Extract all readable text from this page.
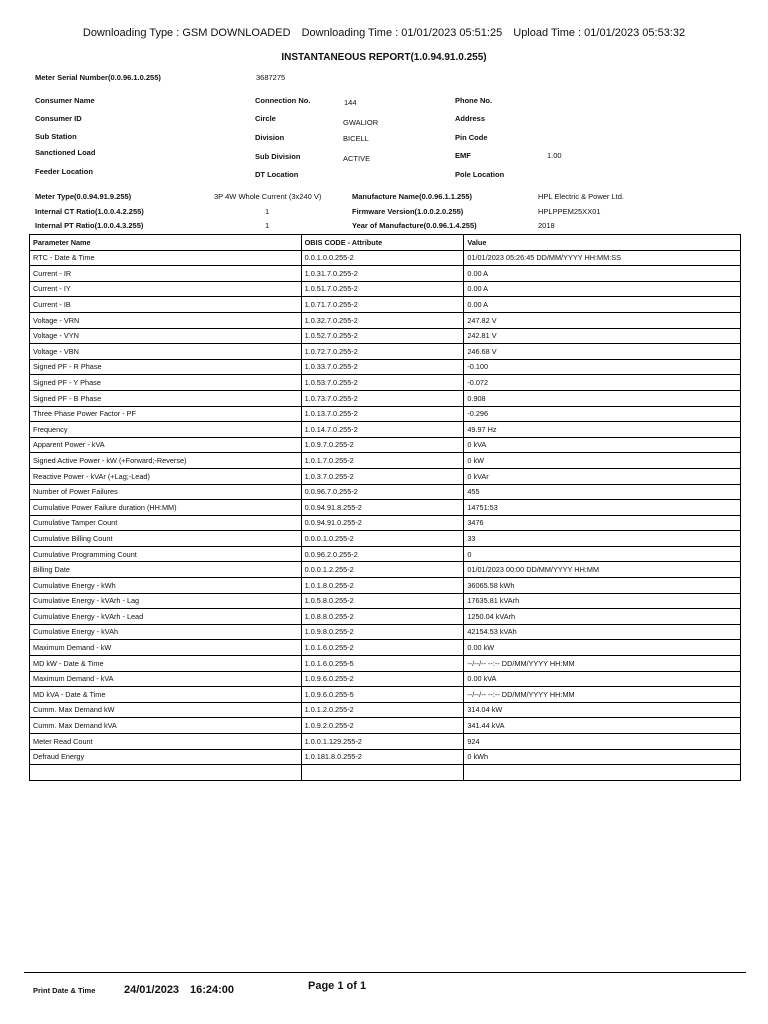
Downloading Type : GSM DOWNLOADED Downloading Time : 01/01/2023 05:51:25 Upload Time : 01/01/2023 05:53:32
INSTANTANEOUS REPORT(1.0.94.91.0.255)
Meter Serial Number(0.0.96.1.0.255)	3687275
Consumer Name	Connection No.	144	Phone No.
Consumer ID	Circle	GWALIOR	Address
Sub Station	Division	BICELL	Pin Code
Sanctioned Load	Sub Division	ACTIVE	EMF	1.00
Feeder Location	DT Location	Pole Location
Meter Type(0.0.94.91.9.255)	3P 4W Whole Current (3x240 V)	Manufacture Name(0.0.96.1.1.255)	HPL Electric & Power Ltd.
Internal CT Ratio(1.0.0.4.2.255)	1	Firmware Version(1.0.0.2.0.255)	HPLPPEM25XX01
Internal PT Ratio(1.0.0.4.3.255)	1	Year of Manufacture(0.0.96.1.4.255)	2018
Parameter Name	OBIS CODE - Attribute	Value
RTC - Date & Time	0.0.1.0.0.255-2	01/01/2023 05:26:45 DD/MM/YYYY HH:MM:SS
Current - IR	1.0.31.7.0.255-2	0.00 A
Current - IY	1.0.51.7.0.255-2	0.00 A
Current - IB	1.0.71.7.0.255-2	0.00 A
Voltage - VRN	1.0.32.7.0.255-2	247.82 V
Voltage - VYN	1.0.52.7.0.255-2	242.81 V
Voltage - VBN	1.0.72.7.0.255-2	246.68 V
Signed PF - R Phase	1.0.33.7.0.255-2	-0.100
Signed PF - Y Phase	1.0.53.7.0.255-2	-0.072
Signed PF - B Phase	1.0.73.7.0.255-2	0.908
Three Phase Power Factor - PF	1.0.13.7.0.255-2	-0.296
Frequency	1.0.14.7.0.255-2	49.97 Hz
Apparent Power - kVA	1.0.9.7.0.255-2	0 kVA
Signed Active Power - kW (+Forward;-Reverse)	1.0.1.7.0.255-2	0 kW
Reactive Power - kVAr (+Lag;-Lead)	1.0.3.7.0.255-2	0 kVAr
Number of Power Failures	0.0.96.7.0.255-2	455
Cumulative Power Failure duration (HH:MM)	0.0.94.91.8.255-2	14751:53
Cumulative Tamper Count	0.0.94.91.0.255-2	3476
Cumulative Billing Count	0.0.0.1.0.255-2	33
Cumulative Programming Count	0.0.96.2.0.255-2	0
Billing Date	0.0.0.1.2.255-2	01/01/2023 00:00 DD/MM/YYYY HH:MM
Cumulative Energy - kWh	1.0.1.8.0.255-2	36065.58 kWh
Cumulative Energy - kVArh - Lag	1.0.5.8.0.255-2	17635.81 kVArh
Cumulative Energy - kVArh - Lead	1.0.8.8.0.255-2	1250.04 kVArh
Cumulative Energy - kVAh	1.0.9.8.0.255-2	42154.53 kVAh
Maximum Demand - kW	1.0.1.6.0.255-2	0.00 kW
MD kW - Date & Time	1.0.1.6.0.255-5	--/--/-- --:-- DD/MM/YYYY HH:MM
Maximum Demand - kVA	1.0.9.6.0.255-2	0.00 kVA
MD kVA - Date & Time	1.0.9.6.0.255-5	--/--/-- --:-- DD/MM/YYYY HH:MM
Cumm. Max Demand kW	1.0.1.2.0.255-2	314.04 kW
Cumm. Max Demand kVA	1.0.9.2.0.255-2	341.44 kVA
Meter Read Count	1.0.0.1.129.255-2	924
Defraud Energy	1.0.181.8.0.255-2	0 kWh

Print Date & Time	24/01/2023 16:24:00	Page 1 of 1
